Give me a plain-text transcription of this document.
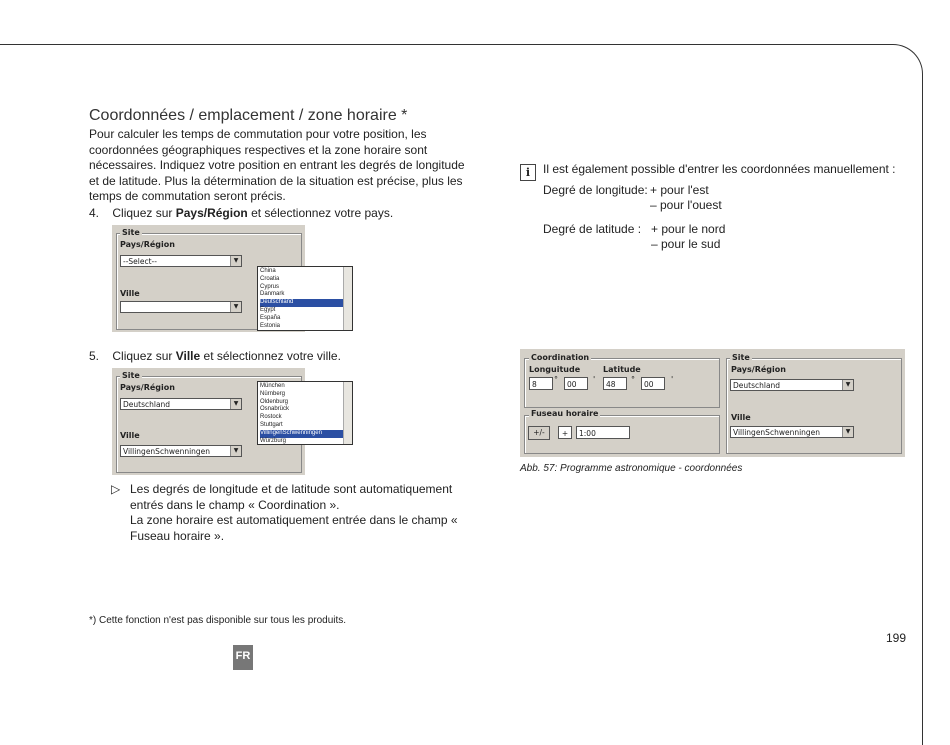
Coordonnées / emplacement / zone horaire *
Pour calculer les temps de commutation pour votre position, les coordonnées géographiques respectives et la zone horaire sont nécessaires. Indiquez votre position en entrant les degrés de longitude et de latitude. Plus la détermination de la situation est précise, plus les temps de commutation seront précis.
4. Cliquez sur Pays/Région et sélectionnez votre pays.
Site
Pays/Région
--Select--	▼
Ville
▼
China
Croatia
Cyprus
Danmark
Deutschland
Egypt
España
Estonia
5. Cliquez sur Ville et sélectionnez votre ville.
Site
Pays/Région
Deutschland	▼
Ville
VillingenSchwenningen	▼
München
Nürnberg
Oldenburg
Osnabrück
Rostock
Stuttgart
VillingenSchwenningen
Würzburg
▷ Les degrés de longitude et de latitude sont automatiquement entrés dans le champ « Coordination ».
La zone horaire est automatiquement entrée dans le champ « Fuseau horaire ».
i	Il est également possible d'entrer les coordonnées manuellement :
Degré de longitude: + pour l'est
– pour l'ouest
Degré de latitude : + pour le nord
– pour le sud
Coordination
Longuitude	Latitude
8
°
00
'
48
°
00
'
Fuseau horaire
+/-	+	1:00
Site
Pays/Région
Deutschland	▼
Ville
VillingenSchwenningen	▼
Abb. 57: Programme astronomique - coordonnées
*) Cette fonction n'est pas disponible sur tous les produits.
199
FR
